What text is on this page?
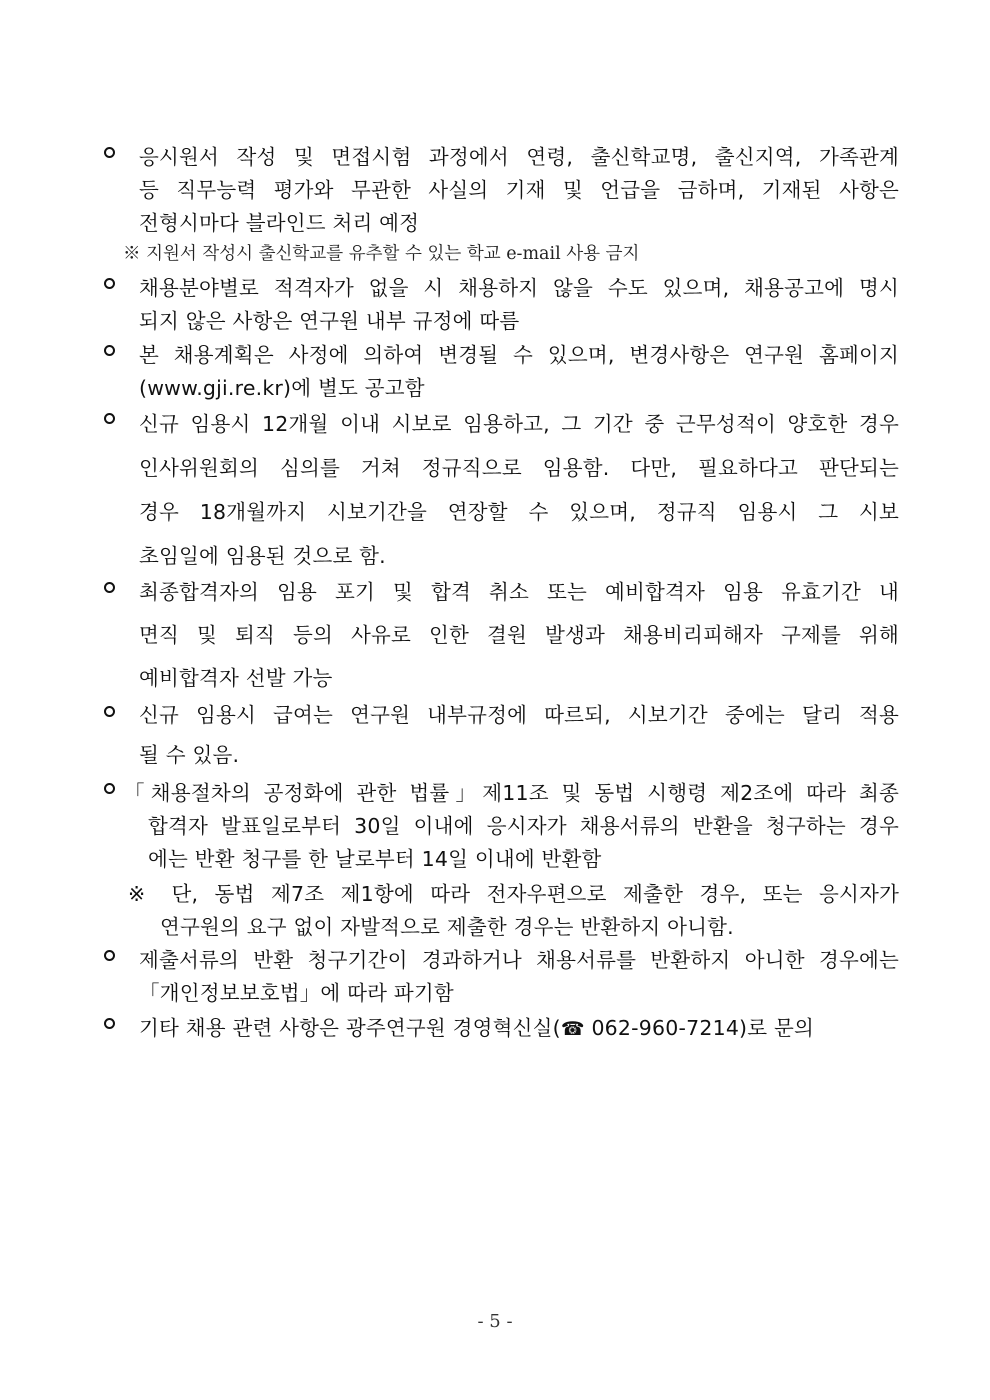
응시원서 작성 및 면접시험 과정에서 연령, 출신학교명, 출신지역, 가족관계
등 직무능력 평가와 무관한 사실의 기재 및 언급을 금하며, 기재된 사항은
전형시마다 블라인드 처리 예정
※ 지원서 작성시 출신학교를 유추할 수 있는 학교 e-mail 사용 금지
채용분야별로 적격자가 없을 시 채용하지 않을 수도 있으며, 채용공고에 명시
되지 않은 사항은 연구원 내부 규정에 따름
본 채용계획은 사정에 의하여 변경될 수 있으며, 변경사항은 연구원 홈페이지
(www.gji.re.kr)에 별도 공고함
신규 임용시 12개월 이내 시보로 임용하고, 그 기간 중 근무성적이 양호한 경우
인사위원회의 심의를 거쳐 정규직으로 임용함. 다만, 필요하다고 판단되는
경우 18개월까지 시보기간을 연장할 수 있으며, 정규직 임용시 그 시보
초임일에 임용된 것으로 함.
최종합격자의 임용 포기 및 합격 취소 또는 예비합격자 임용 유효기간 내
면직 및 퇴직 등의 사유로 인한 결원 발생과 채용비리피해자 구제를 위해
예비합격자 선발 가능
신규 임용시 급여는 연구원 내부규정에 따르되, 시보기간 중에는 달리 적용
될 수 있음.
「채용절차의 공정화에 관한 법률」제11조 및 동법 시행령 제2조에 따라 최종
합격자 발표일로부터 30일 이내에 응시자가 채용서류의 반환을 청구하는 경우
에는 반환 청구를 한 날로부터 14일 이내에 반환함
※ 단, 동법 제7조 제1항에 따라 전자우편으로 제출한 경우, 또는 응시자가
연구원의 요구 없이 자발적으로 제출한 경우는 반환하지 아니함.
제출서류의 반환 청구기간이 경과하거나 채용서류를 반환하지 아니한 경우에는
「개인정보보호법」에 따라 파기함
기타 채용 관련 사항은 광주연구원 경영혁신실(☎ 062-960-7214)로 문의
- 5 -
